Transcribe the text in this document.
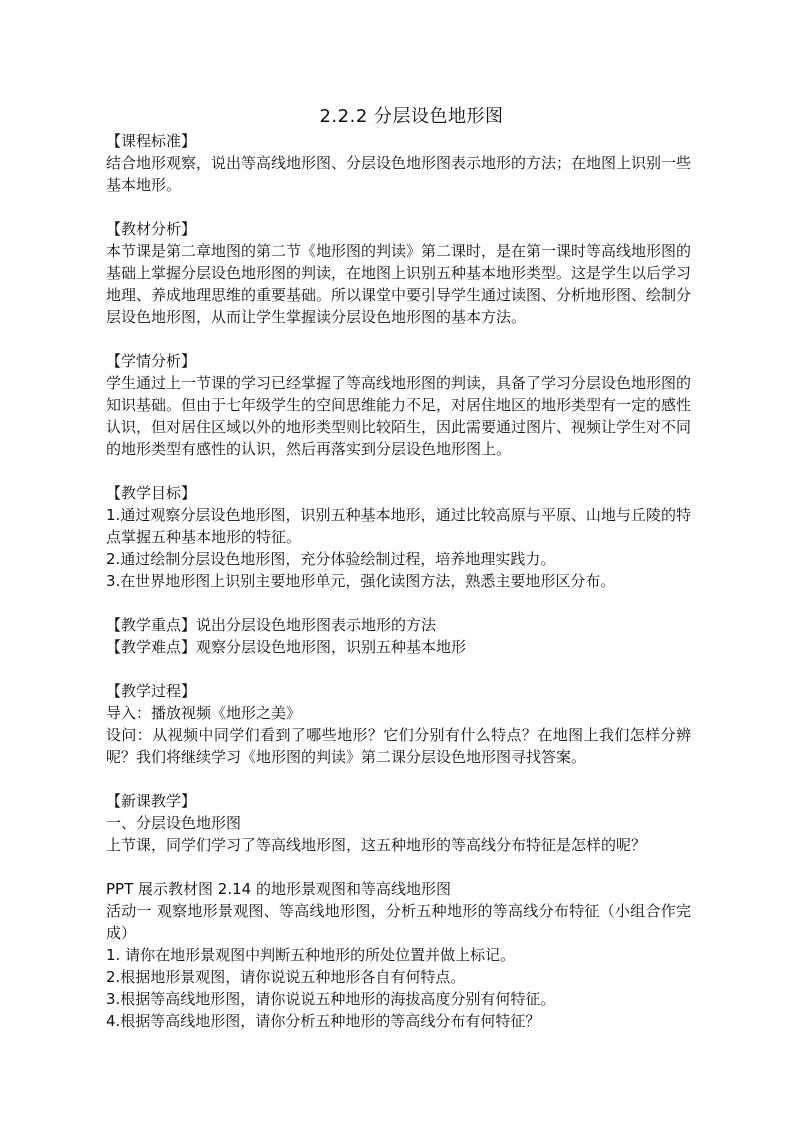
2.2.2 分层设色地形图

【课程标准】

结合地形观察，说出等高线地形图、分层设色地形图表示地形的方法；在地图上识别一些基本地形。

【教材分析】

本节课是第二章地图的第二节《地形图的判读》第二课时，是在第一课时等高线地形图的基础上掌握分层设色地形图的判读，在地图上识别五种基本地形类型。这是学生以后学习地理、养成地理思维的重要基础。所以课堂中要引导学生通过读图、分析地形图、绘制分层设色地形图，从而让学生掌握读分层设色地形图的基本方法。

【学情分析】

学生通过上一节课的学习已经掌握了等高线地形图的判读，具备了学习分层设色地形图的知识基础。但由于七年级学生的空间思维能力不足，对居住地区的地形类型有一定的感性认识，但对居住区域以外的地形类型则比较陌生，因此需要通过图片、视频让学生对不同的地形类型有感性的认识，然后再落实到分层设色地形图上。

【教学目标】

1.通过观察分层设色地形图，识别五种基本地形，通过比较高原与平原、山地与丘陵的特点掌握五种基本地形的特征。

2.通过绘制分层设色地形图，充分体验绘制过程，培养地理实践力。

3.在世界地形图上识别主要地形单元，强化读图方法，熟悉主要地形区分布。

【教学重点】说出分层设色地形图表示地形的方法

【教学难点】观察分层设色地形图，识别五种基本地形

【教学过程】

导入：播放视频《地形之美》

设问：从视频中同学们看到了哪些地形？它们分别有什么特点？在地图上我们怎样分辨呢？我们将继续学习《地形图的判读》第二课分层设色地形图寻找答案。

【新课教学】

一、分层设色地形图

上节课，同学们学习了等高线地形图，这五种地形的等高线分布特征是怎样的呢？

PPT 展示教材图 2.14 的地形景观图和等高线地形图

活动一 观察地形景观图、等高线地形图，分析五种地形的等高线分布特征（小组合作完成）

1. 请你在地形景观图中判断五种地形的所处位置并做上标记。

2.根据地形景观图，请你说说五种地形各自有何特点。

3.根据等高线地形图，请你说说五种地形的海拔高度分别有何特征。

4.根据等高线地形图，请你分析五种地形的等高线分布有何特征？
